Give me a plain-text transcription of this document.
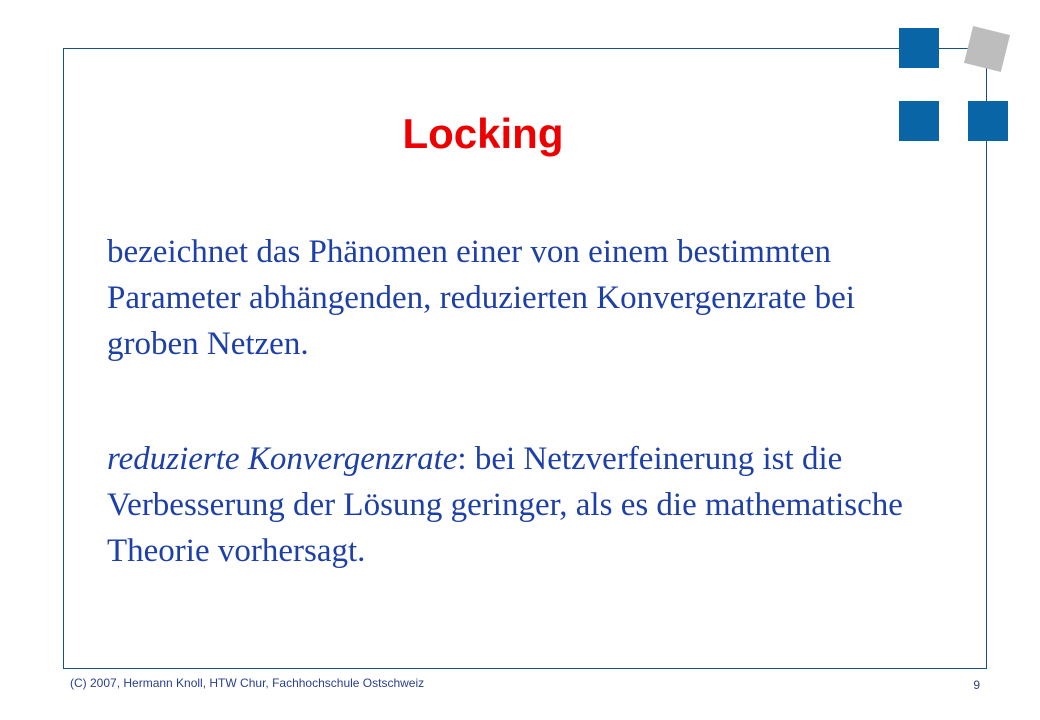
Locking

bezeichnet das Phänomen einer von einem bestimmten Parameter abhängenden, reduzierten Konvergenzrate bei groben Netzen.

reduzierte Konvergenzrate: bei Netzverfeinerung ist die Verbesserung der Lösung geringer, als es die mathematische Theorie vorhersagt.

(C) 2007, Hermann Knoll, HTW Chur, Fachhochschule Ostschweiz	9
